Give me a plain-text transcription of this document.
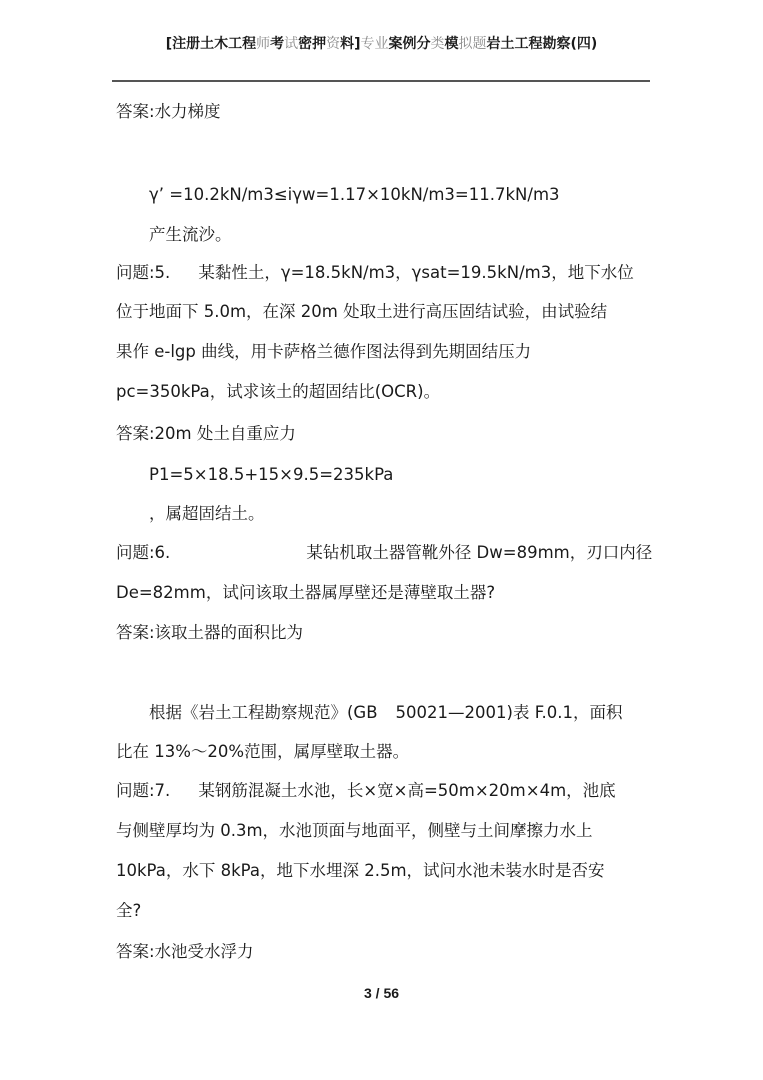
[注册土木工程师考试密押资料]专业案例分类模拟题岩土工程勘察(四)
答案:水力梯度
γ’ =10.2kN/m3≤iγw=1.17×10kN/m3=11.7kN/m3
产生流沙。
问题:5. 某黏性土，γ=18.5kN/m3，γsat=19.5kN/m3，地下水位
位于地面下 5.0m，在深 20m 处取土进行高压固结试验，由试验结
果作 e-lgp 曲线，用卡萨格兰德作图法得到先期固结压力
pc=350kPa，试求该土的超固结比(OCR)。
答案:20m 处土自重应力
P1=5×18.5+15×9.5=235kPa
，属超固结土。
问题:6.	某钻机取土器管靴外径 Dw=89mm，刃口内径
De=82mm，试问该取土器属厚壁还是薄壁取土器?
答案:该取土器的面积比为
根据《岩土工程勘察规范》(GB 50021—2001)表 F.0.1，面积
比在 13%～20%范围，属厚壁取土器。
问题:7. 某钢筋混凝土水池，长×宽×高=50m×20m×4m，池底
与侧壁厚均为 0.3m，水池顶面与地面平，侧壁与土间摩擦力水上
10kPa，水下 8kPa，地下水埋深 2.5m，试问水池未装水时是否安
全?
答案:水池受水浮力
3 / 56
